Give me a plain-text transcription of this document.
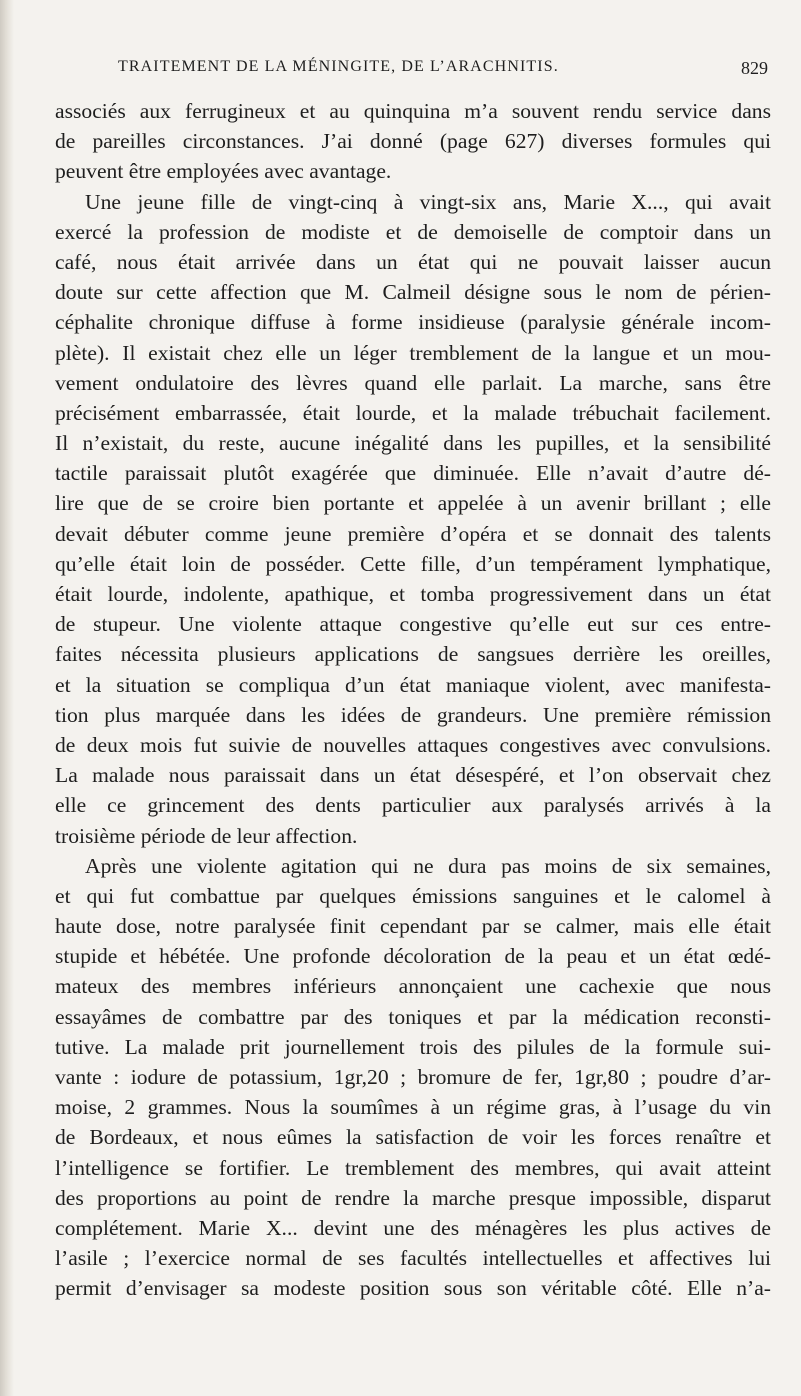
TRAITEMENT DE LA MÉNINGITE, DE L’ARACHNITIS.	829
associés aux ferrugineux et au quinquina m’a souvent rendu service dans
de pareilles circonstances. J’ai donné (page 627) diverses formules qui
peuvent être employées avec avantage.
Une jeune fille de vingt-cinq à vingt-six ans, Marie X..., qui avait
exercé la profession de modiste et de demoiselle de comptoir dans un
café, nous était arrivée dans un état qui ne pouvait laisser aucun
doute sur cette affection que M. Calmeil désigne sous le nom de périen-
céphalite chronique diffuse à forme insidieuse (paralysie générale incom-
plète). Il existait chez elle un léger tremblement de la langue et un mou-
vement ondulatoire des lèvres quand elle parlait. La marche, sans être
précisément embarrassée, était lourde, et la malade trébuchait facilement.
Il n’existait, du reste, aucune inégalité dans les pupilles, et la sensibilité
tactile paraissait plutôt exagérée que diminuée. Elle n’avait d’autre dé-
lire que de se croire bien portante et appelée à un avenir brillant ; elle
devait débuter comme jeune première d’opéra et se donnait des talents
qu’elle était loin de posséder. Cette fille, d’un tempérament lymphatique,
était lourde, indolente, apathique, et tomba progressivement dans un état
de stupeur. Une violente attaque congestive qu’elle eut sur ces entre-
faites nécessita plusieurs applications de sangsues derrière les oreilles,
et la situation se compliqua d’un état maniaque violent, avec manifesta-
tion plus marquée dans les idées de grandeurs. Une première rémission
de deux mois fut suivie de nouvelles attaques congestives avec convulsions.
La malade nous paraissait dans un état désespéré, et l’on observait chez
elle ce grincement des dents particulier aux paralysés arrivés à la
troisième période de leur affection.
Après une violente agitation qui ne dura pas moins de six semaines,
et qui fut combattue par quelques émissions sanguines et le calomel à
haute dose, notre paralysée finit cependant par se calmer, mais elle était
stupide et hébétée. Une profonde décoloration de la peau et un état œdé-
mateux des membres inférieurs annonçaient une cachexie que nous
essayâmes de combattre par des toniques et par la médication reconsti-
tutive. La malade prit journellement trois des pilules de la formule sui-
vante : iodure de potassium, 1gr,20 ; bromure de fer, 1gr,80 ; poudre d’ar-
moise, 2 grammes. Nous la soumîmes à un régime gras, à l’usage du vin
de Bordeaux, et nous eûmes la satisfaction de voir les forces renaître et
l’intelligence se fortifier. Le tremblement des membres, qui avait atteint
des proportions au point de rendre la marche presque impossible, disparut
complétement. Marie X... devint une des ménagères les plus actives de
l’asile ; l’exercice normal de ses facultés intellectuelles et affectives lui
permit d’envisager sa modeste position sous son véritable côté. Elle n’a-
